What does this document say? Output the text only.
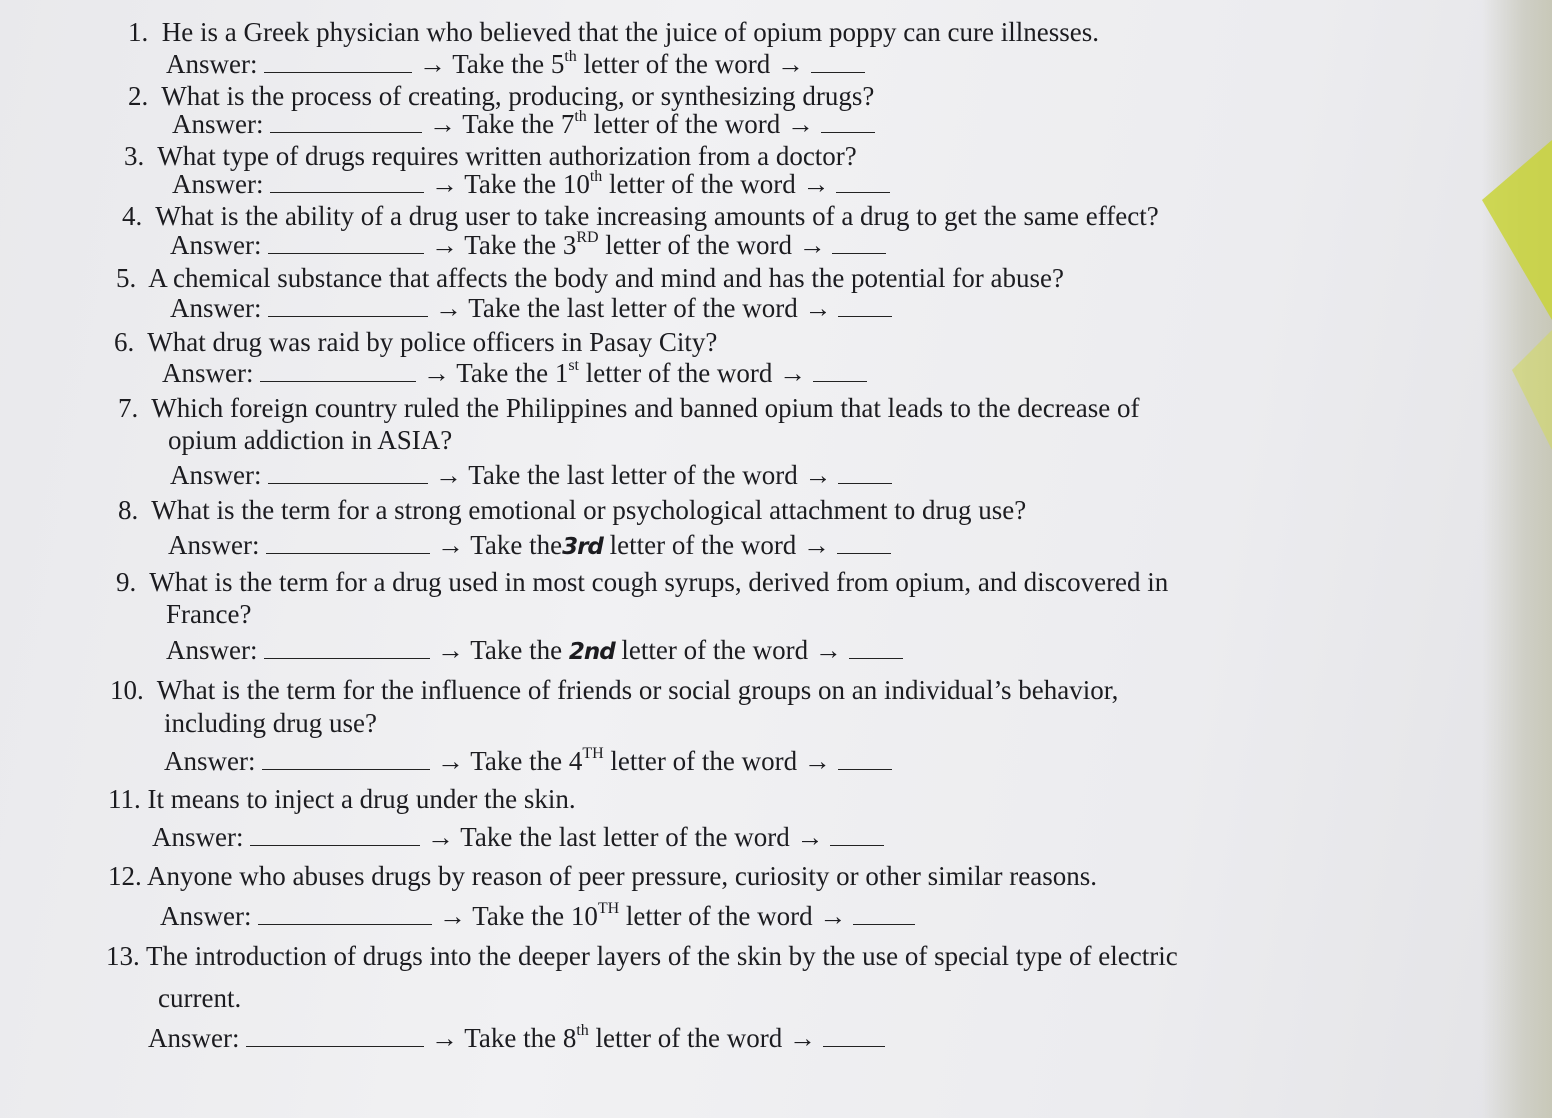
1. He is a Greek physician who believed that the juice of opium poppy can cure illnesses.
Answer:	→ Take the 5th letter of the word →
2. What is the process of creating, producing, or synthesizing drugs?
Answer:	→ Take the 7th letter of the word →
3. What type of drugs requires written authorization from a doctor?
Answer:	→ Take the 10th letter of the word →
4. What is the ability of a drug user to take increasing amounts of a drug to get the same effect?
Answer:	→ Take the 3RD letter of the word →
5. A chemical substance that affects the body and mind and has the potential for abuse?
Answer:	→ Take the last letter of the word →
6. What drug was raid by police officers in Pasay City?
Answer:	→ Take the 1st letter of the word →
7. Which foreign country ruled the Philippines and banned opium that leads to the decrease of
opium addiction in ASIA?
Answer:	→ Take the last letter of the word →
8. What is the term for a strong emotional or psychological attachment to drug use?
Answer:	→ Take the3rd letter of the word →
9. What is the term for a drug used in most cough syrups, derived from opium, and discovered in
France?
Answer:	→ Take the 2nd letter of the word →
10. What is the term for the influence of friends or social groups on an individual’s behavior,
including drug use?
Answer:	→ Take the 4TH letter of the word →
11. It means to inject a drug under the skin.
Answer:	→ Take the last letter of the word →
12. Anyone who abuses drugs by reason of peer pressure, curiosity or other similar reasons.
Answer:	→ Take the 10TH letter of the word →
13. The introduction of drugs into the deeper layers of the skin by the use of special type of electric
current.
Answer:	→ Take the 8th letter of the word →
